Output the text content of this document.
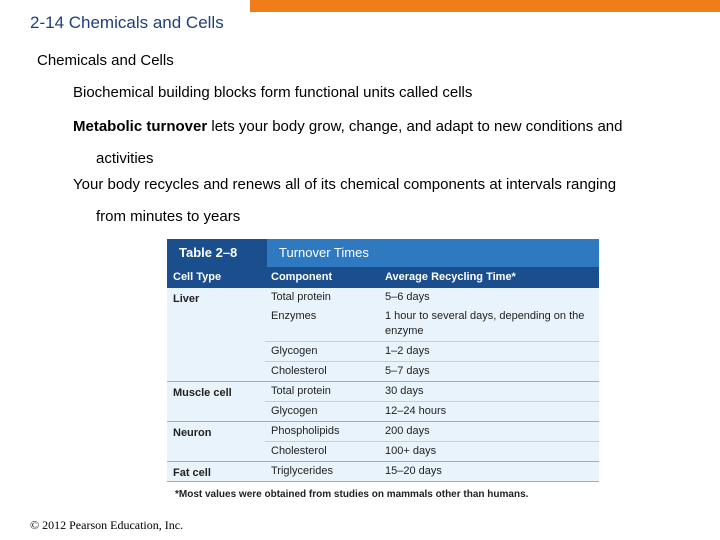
2-14 Chemicals and Cells
Chemicals and Cells
Biochemical building blocks form functional units called cells
Metabolic turnover lets your body grow, change, and adapt to new conditions and
activities
Your body recycles and renews all of its chemical components at intervals ranging
from minutes to years
Table 2–8	Turnover Times
Cell Type	Component	Average Recycling Time*
Liver	Total protein	5–6 days
Enzymes	1 hour to several days, depending on the enzyme
Glycogen	1–2 days
Cholesterol	5–7 days
Muscle cell	Total protein	30 days
Glycogen	12–24 hours
Neuron	Phospholipids	200 days
Cholesterol	100+ days
Fat cell	Triglycerides	15–20 days
*Most values were obtained from studies on mammals other than humans.
© 2012 Pearson Education, Inc.
